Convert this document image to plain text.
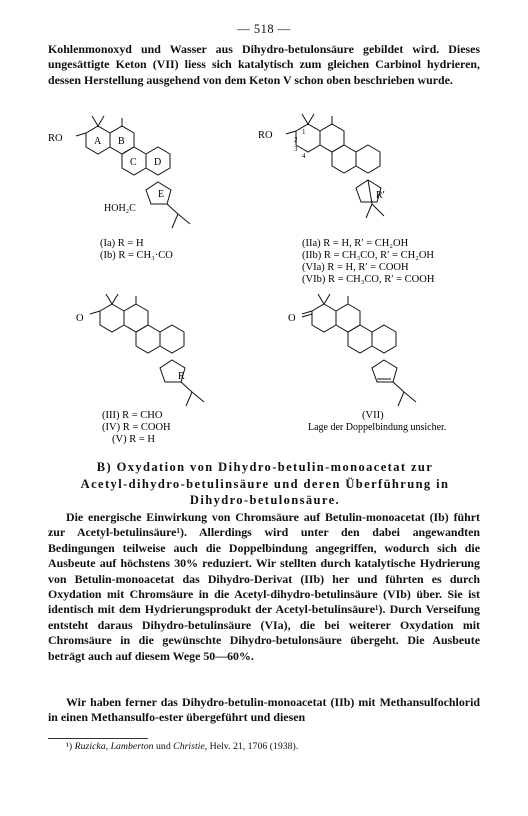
— 518 —

Kohlenmonoxyd und Wasser aus Dihydro-betulonsäure gebildet wird. Dieses ungesättigte Keton (VII) liess sich katalytisch zum gleichen Carbinol hydrieren, dessen Herstellung ausgehend von dem Keton V schon oben beschrieben wurde.

RO	A B
C D
E
HOH₂C
RO	1
2
3
4
R′
(Ia) R = H
(Ib) R = CH₃·CO
(IIa) R = H, R′ = CH₂OH
(IIb) R = CH₃CO, R′ = CH₂OH
(VIa) R = H, R′ = COOH
(VIb) R = CH₃CO, R′ = COOH
O
R
O
(III) R = CHO
(IV) R = COOH
(V) R = H
(VII)
Lage der Doppelbindung unsicher.
B) Oxydation von Dihydro-betulin-monoacetat zur
Acetyl-dihydro-betulinsäure und deren Überführung in
Dihydro-betulonsäure.

Die energische Einwirkung von Chromsäure auf Betulin-monoacetat (Ib) führt zur Acetyl-betulinsäure¹). Allerdings wird unter den dabei angewandten Bedingungen teilweise auch die Doppelbindung angegriffen, wodurch sich die Ausbeute auf höchstens 30% reduziert. Wir stellten durch katalytische Hydrierung von Betulin-monoacetat das Dihydro-Derivat (IIb) her und führten es durch Oxydation mit Chromsäure in die Acetyl-dihydro-betulinsäure (VIb) über. Sie ist identisch mit dem Hydrierungsprodukt der Acetyl-betulinsäure¹). Durch Verseifung entsteht daraus Dihydro-betulinsäure (VIa), die bei weiterer Oxydation mit Chromsäure in die gewünschte Dihydro-betulonsäure übergeht. Die Ausbeute beträgt auch auf diesem Wege 50—60%.

Wir haben ferner das Dihydro-betulin-monoacetat (IIb) mit Methansulfochlorid in einen Methansulfo-ester übergeführt und diesen

¹) Ruzicka, Lamberton und Christie, Helv. 21, 1706 (1938).
